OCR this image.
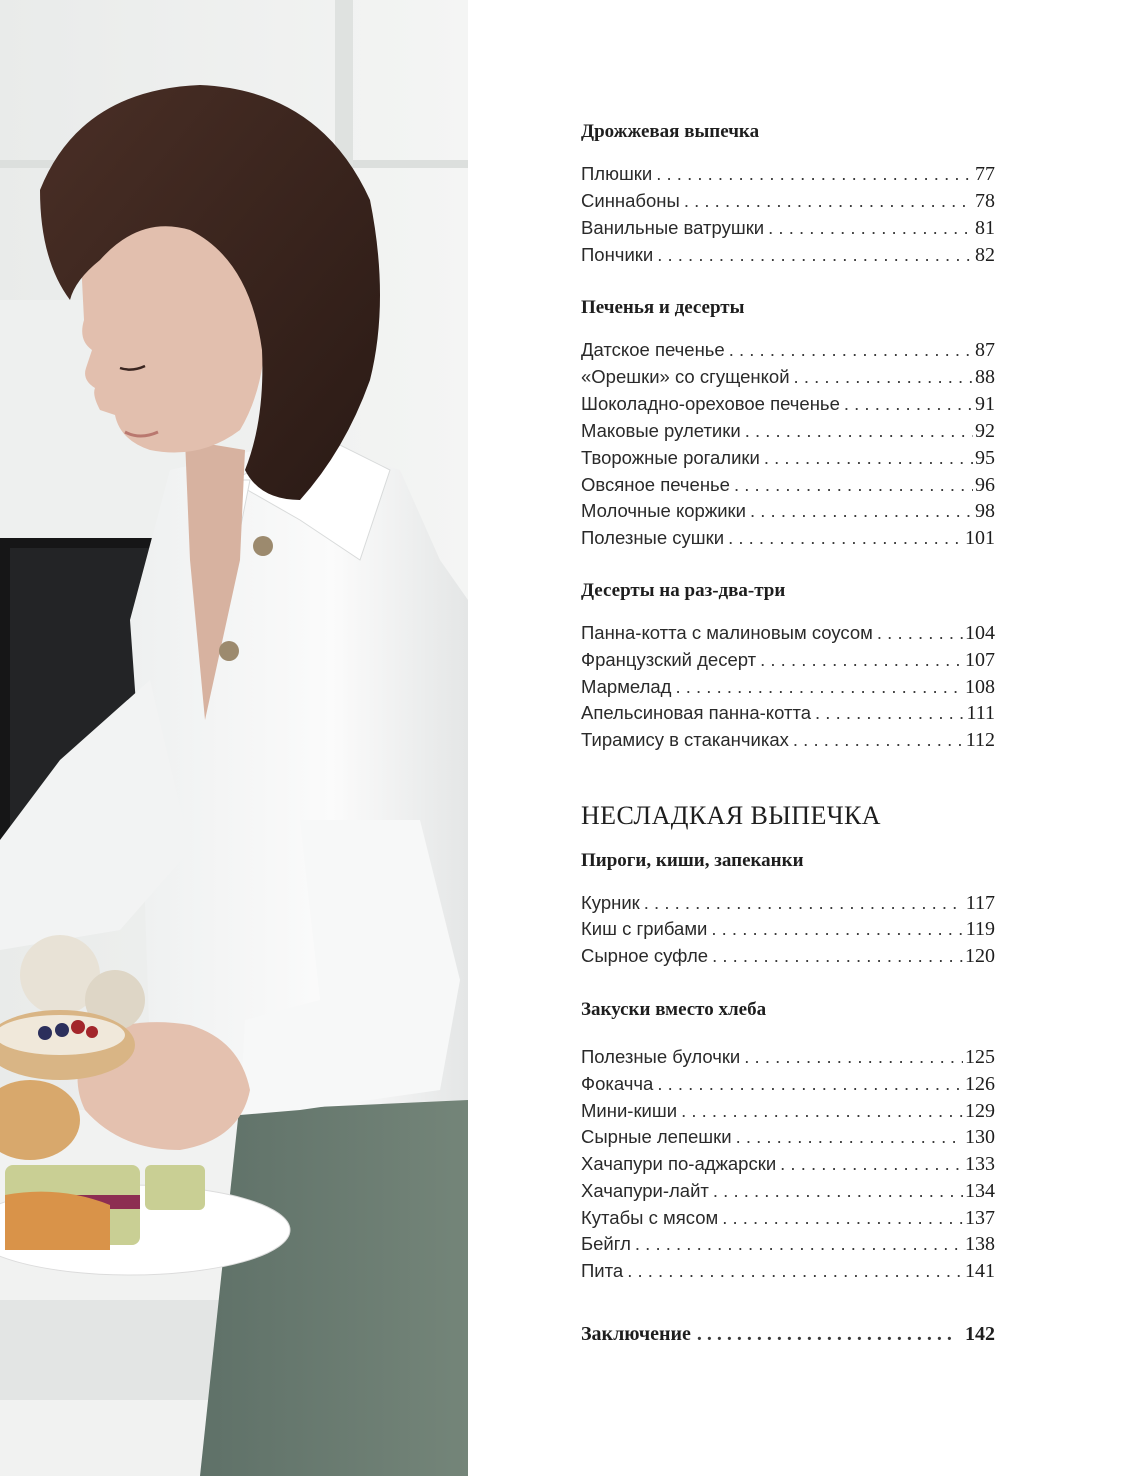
Дрожжевая выпечка
Плюшки . . .	77
Синнабоны . . .	78
Ванильные ватрушки . . .	81
Пончики . . .	82
Печенья и десерты
Датское печенье . . .	87
«Орешки» со сгущенкой . . .	88
Шоколадно-ореховое печенье . . .	91
Маковые рулетики . . .	92
Творожные рогалики . . .	95
Овсяное печенье . . .	96
Молочные коржики . . .	98
Полезные сушки . . .	101
Десерты на раз-два-три
Панна-котта с малиновым соусом . . .	104
Французский десерт . . .	107
Мармелад . . .	108
Апельсиновая панна-котта . . .	111
Тирамису в стаканчиках . . .	112
НЕСЛАДКАЯ ВЫПЕЧКА
Пироги, киши, запеканки
Курник . . .	117
Киш с грибами . . .	119
Сырное суфле . . .	120
Закуски вместо хлеба
Полезные булочки . . .	125
Фокачча . . .	126
Мини-киши . . .	129
Сырные лепешки . . .	130
Хачапури по-аджарски . . .	133
Хачапури-лайт . . .	134
Кутабы с мясом . . .	137
Бейгл . . .	138
Пита . . .	141
Заключение . . .	142
